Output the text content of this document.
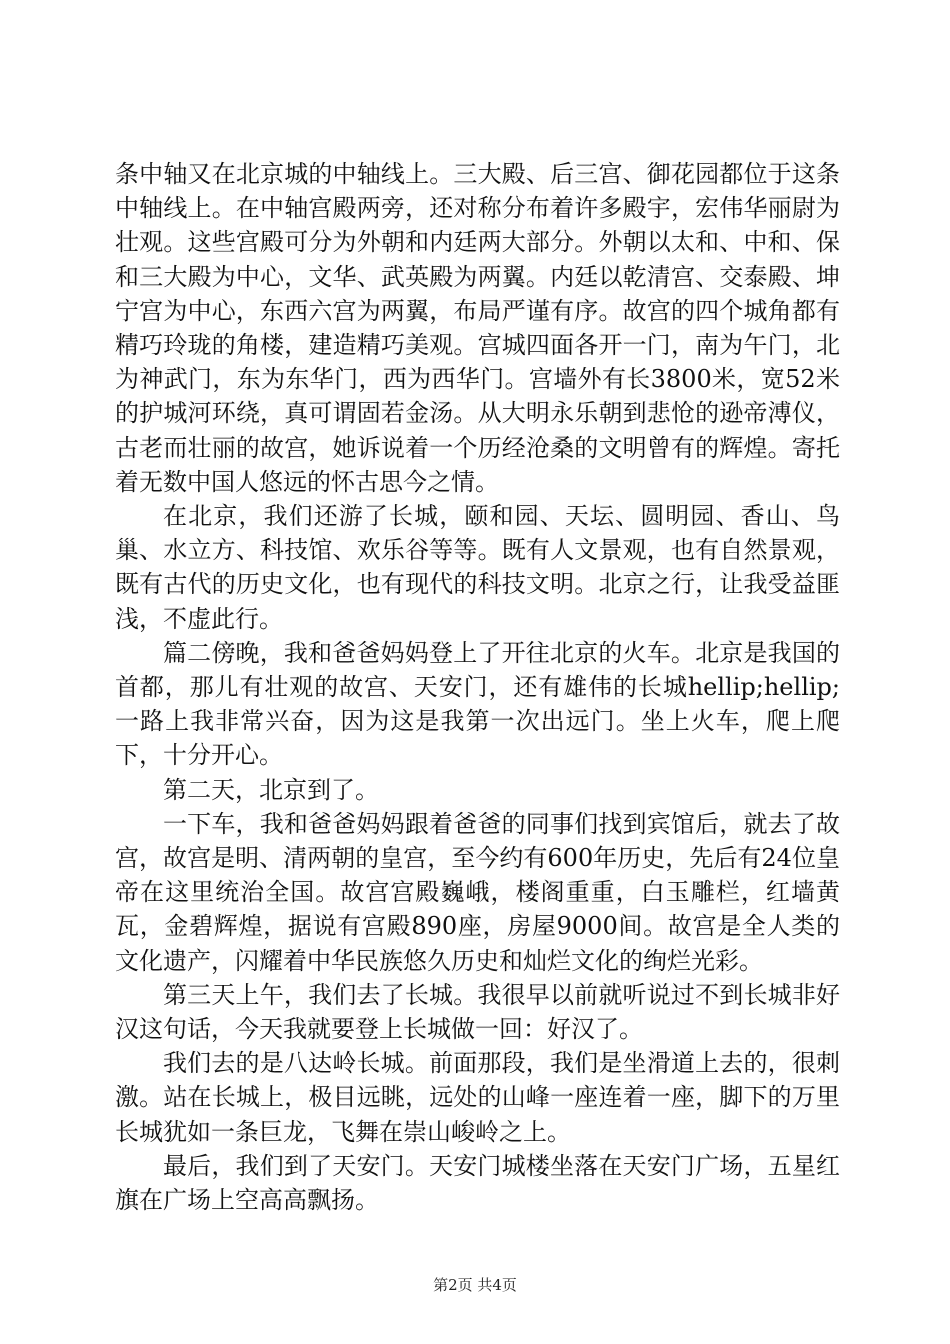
条中轴又在北京城的中轴线上。三大殿、后三宫、御花园都位于这条中轴线上。在中轴宫殿两旁，还对称分布着许多殿宇，宏伟华丽尉为壮观。这些宫殿可分为外朝和内廷两大部分。外朝以太和、中和、保和三大殿为中心，文华、武英殿为两翼。内廷以乾清宫、交泰殿、坤宁宫为中心，东西六宫为两翼，布局严谨有序。故宫的四个城角都有精巧玲珑的角楼，建造精巧美观。宫城四面各开一门，南为午门，北为神武门，东为东华门，西为西华门。宫墙外有长3800米，宽52米的护城河环绕，真可谓固若金汤。从大明永乐朝到悲怆的逊帝溥仪，古老而壮丽的故宫，她诉说着一个历经沧桑的文明曾有的辉煌。寄托着无数中国人悠远的怀古思今之情。

在北京，我们还游了长城，颐和园、天坛、圆明园、香山、鸟巢、水立方、科技馆、欢乐谷等等。既有人文景观，也有自然景观，既有古代的历史文化，也有现代的科技文明。北京之行，让我受益匪浅，不虚此行。

篇二傍晚，我和爸爸妈妈登上了开往北京的火车。北京是我国的首都，那儿有壮观的故宫、天安门，还有雄伟的长城hellip;hellip;一路上我非常兴奋，因为这是我第一次出远门。坐上火车，爬上爬下，十分开心。

第二天，北京到了。

一下车，我和爸爸妈妈跟着爸爸的同事们找到宾馆后，就去了故宫，故宫是明、清两朝的皇宫，至今约有600年历史，先后有24位皇帝在这里统治全国。故宫宫殿巍峨，楼阁重重，白玉雕栏，红墙黄瓦，金碧辉煌，据说有宫殿890座，房屋9000间。故宫是全人类的文化遗产，闪耀着中华民族悠久历史和灿烂文化的绚烂光彩。

第三天上午，我们去了长城。我很早以前就听说过不到长城非好汉这句话，今天我就要登上长城做一回：好汉了。

我们去的是八达岭长城。前面那段，我们是坐滑道上去的，很刺激。站在长城上，极目远眺，远处的山峰一座连着一座，脚下的万里长城犹如一条巨龙，飞舞在崇山峻岭之上。

最后，我们到了天安门。天安门城楼坐落在天安门广场，五星红旗在广场上空高高飘扬。

第2页 共4页
